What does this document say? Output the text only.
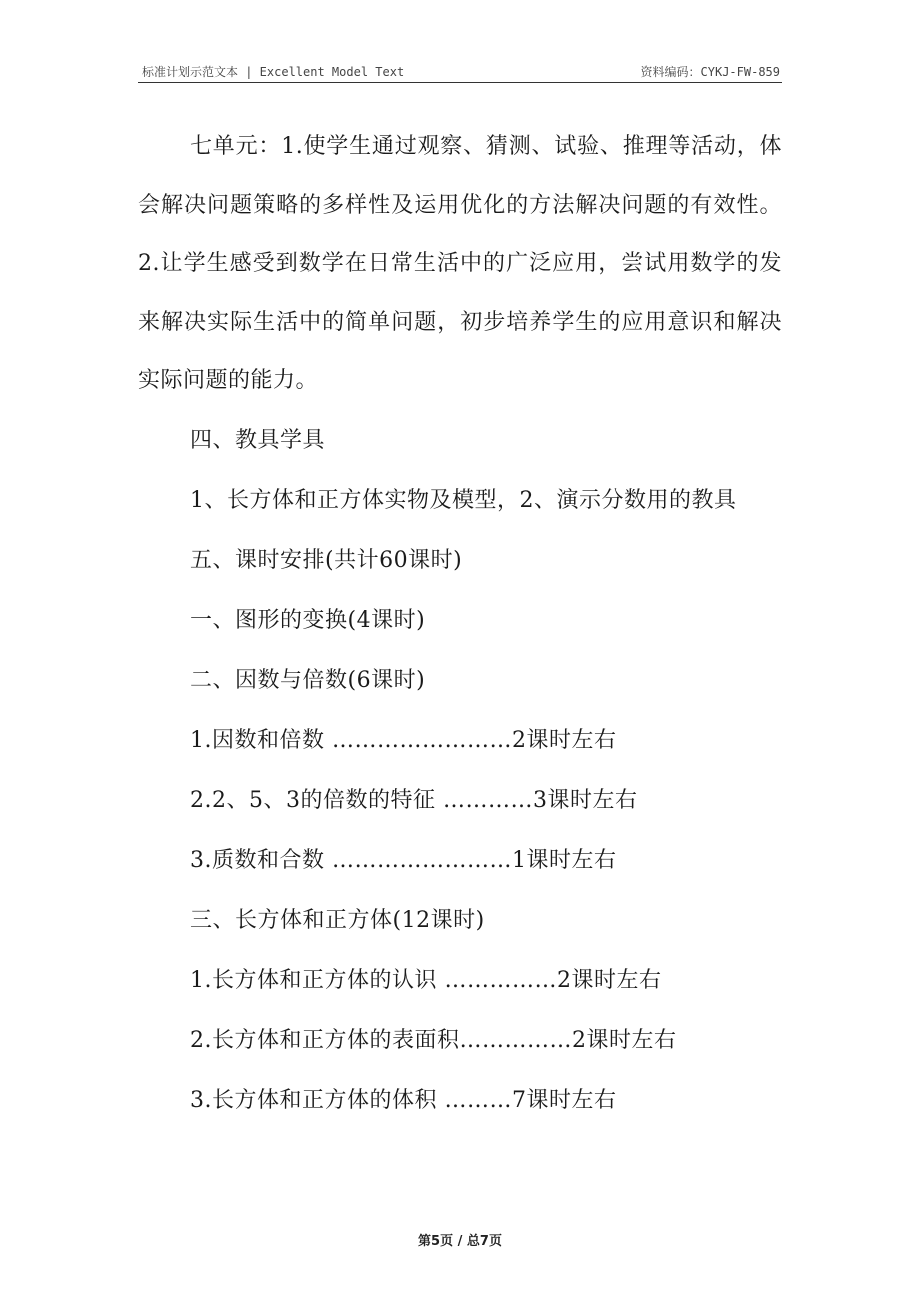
标准计划示范文本 | Excellent Model Text	资料编码：CYKJ-FW-859

七单元：1.使学生通过观察、猜测、试验、推理等活动，体会解决问题策略的多样性及运用优化的方法解决问题的有效性。2.让学生感受到数学在日常生活中的广泛应用，尝试用数学的发来解决实际生活中的简单问题，初步培养学生的应用意识和解决实际问题的能力。

四、教具学具

1、长方体和正方体实物及模型，2、演示分数用的教具

五、课时安排(共计60课时)

一、图形的变换(4课时)

二、因数与倍数(6课时)

1.因数和倍数 ……………………2课时左右

2.2、5、3的倍数的特征 …………3课时左右

3.质数和合数 ……………………1课时左右

三、长方体和正方体(12课时)

1.长方体和正方体的认识 ……………2课时左右

2.长方体和正方体的表面积……………2课时左右

3.长方体和正方体的体积 ………7课时左右

第5页 / 总7页
